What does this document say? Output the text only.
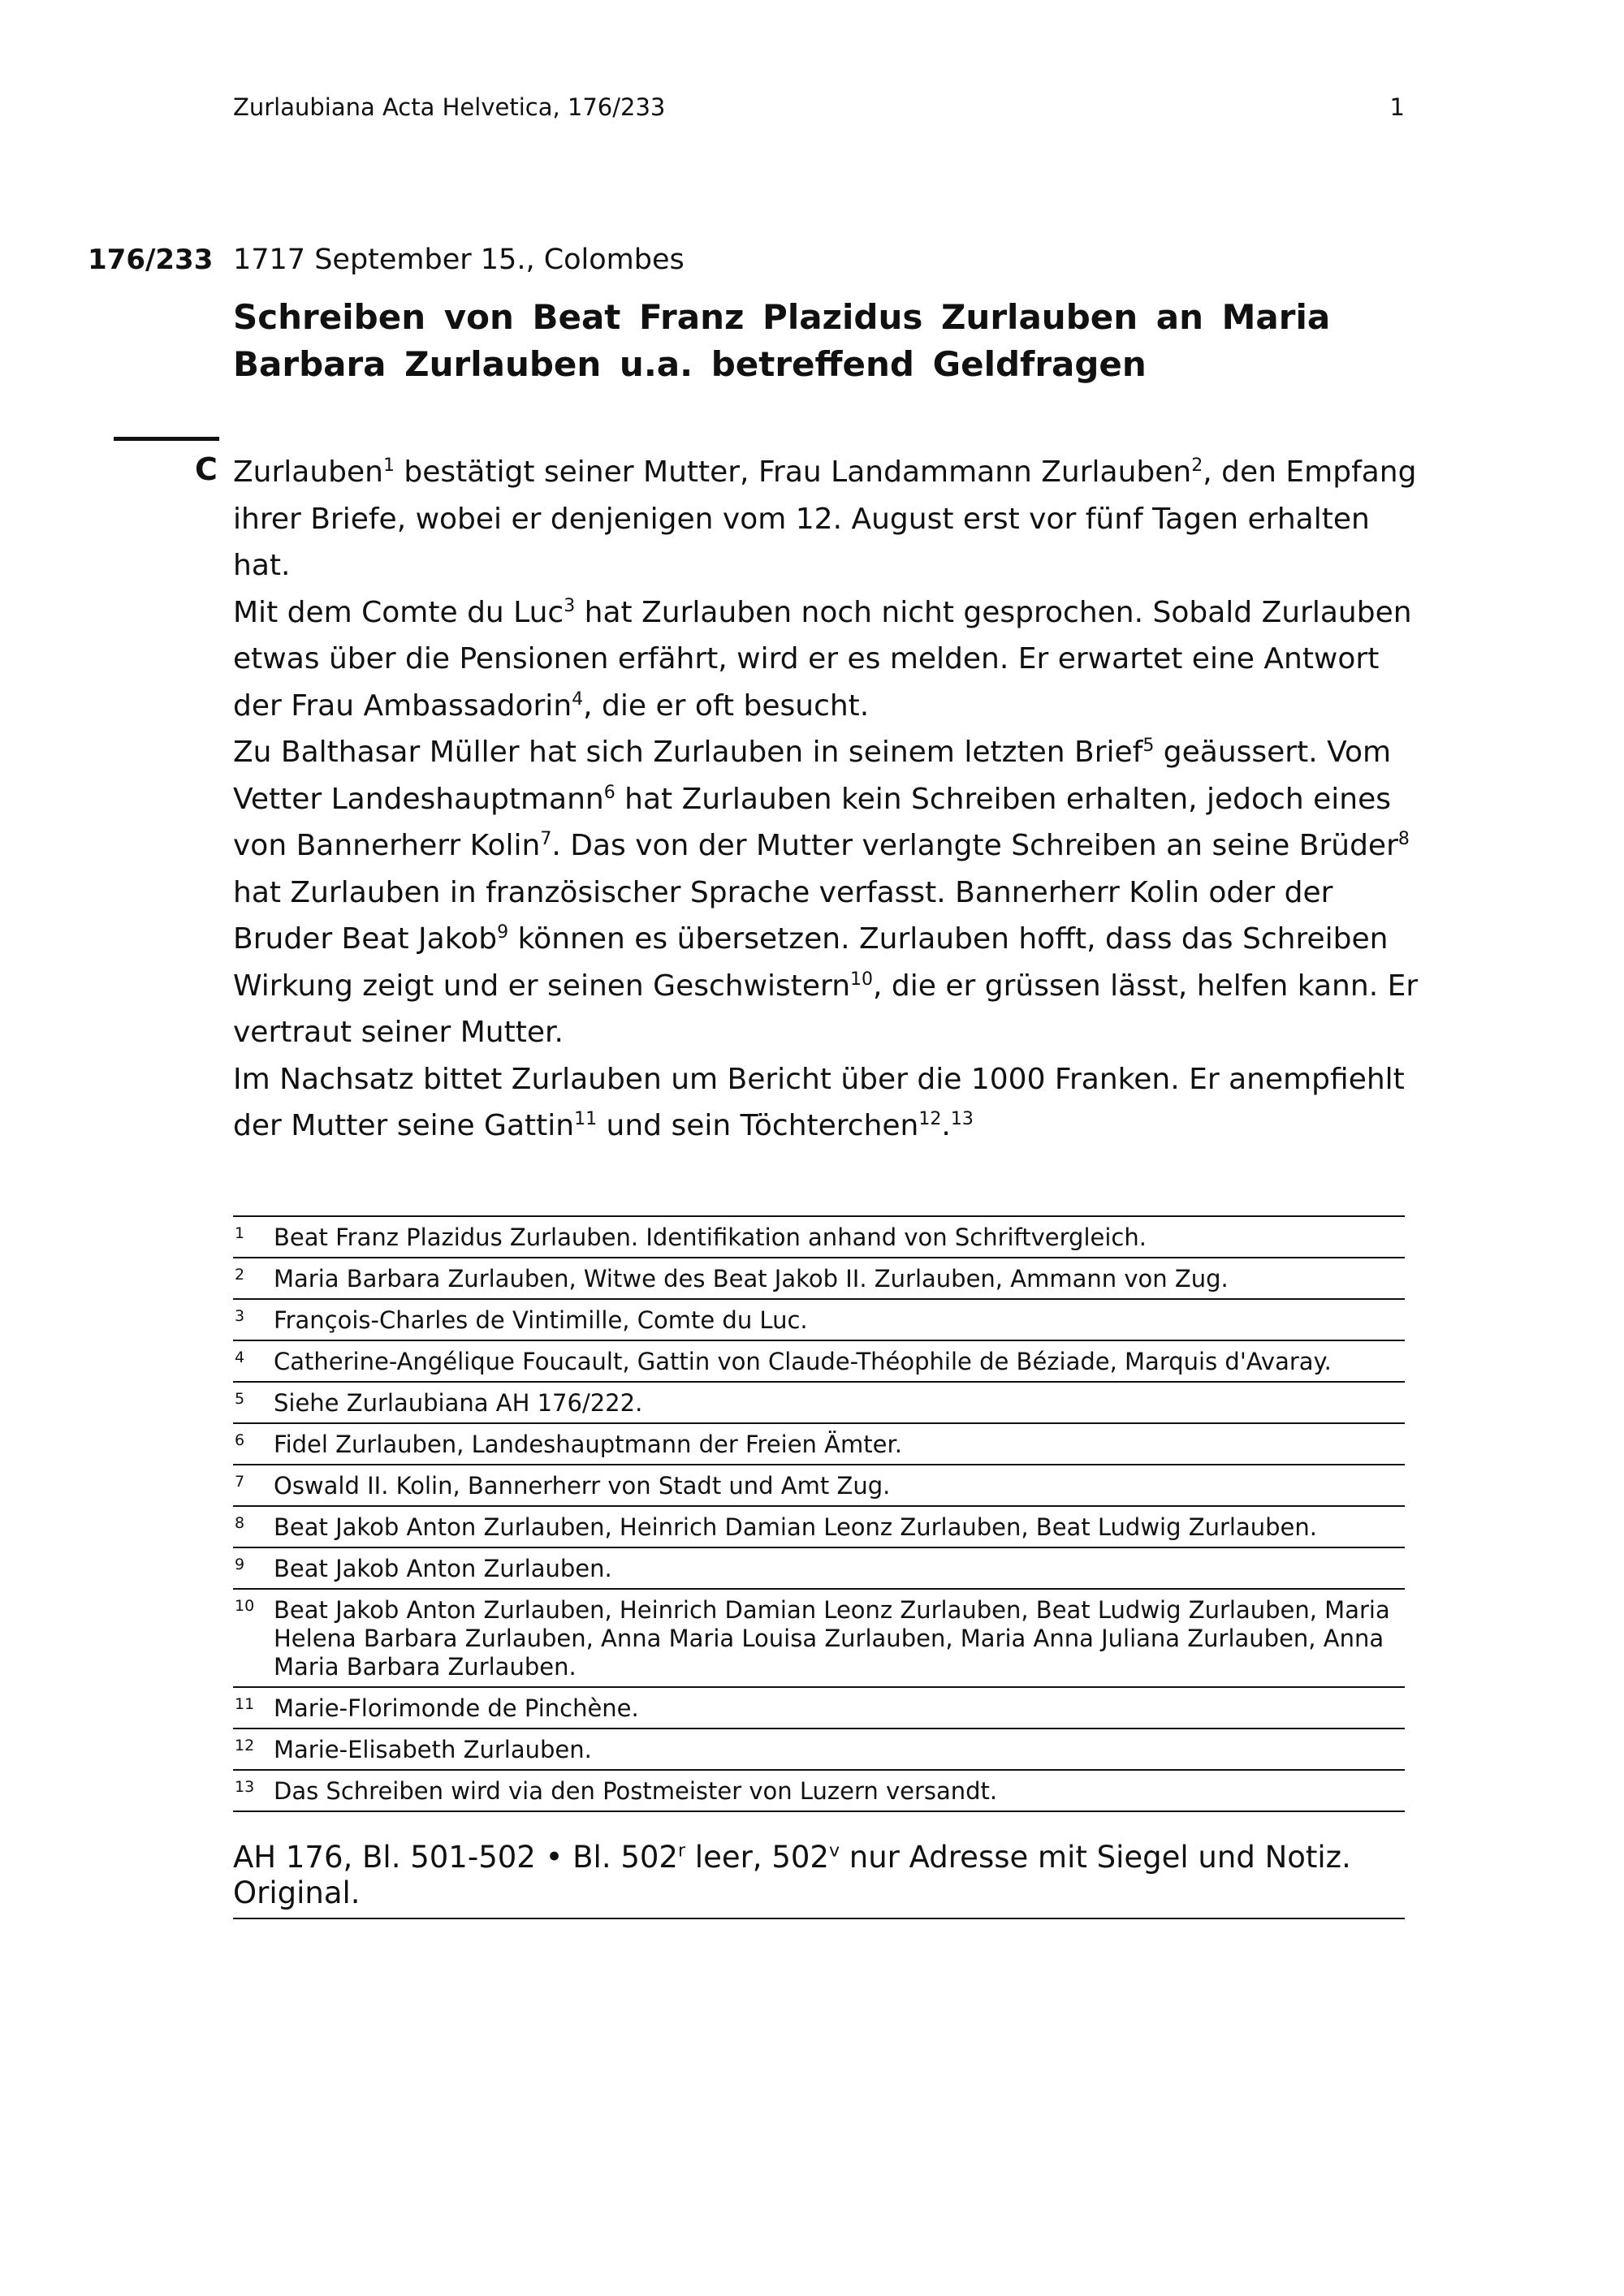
Zurlaubiana Acta Helvetica, 176/233	1
176/233 1717 September 15., Colombes
Schreiben von Beat Franz Plazidus Zurlauben an Maria Barbara Zurlauben u.a. betreffend Geldfragen
C Zurlauben$^1$ bestätigt seiner Mutter, Frau Landammann Zurlauben$^2$, den Empfang ihrer Briefe, wobei er denjenigen vom 12. August erst vor fünf Tagen erhalten hat.

Mit dem Comte du Luc$^3$ hat Zurlauben noch nicht gesprochen. Sobald Zurlauben etwas über die Pensionen erfährt, wird er es melden. Er erwartet eine Antwort der Frau Ambassadorin$^4$, die er oft besucht.

Zu Balthasar Müller hat sich Zurlauben in seinem letzten Brief$^5$ geäussert. Vom Vetter Landeshauptmann$^6$ hat Zurlauben kein Schreiben erhalten, jedoch eines von Bannerherr Kolin$^7$. Das von der Mutter verlangte Schreiben an seine Brüder$^8$ hat Zurlauben in französischer Sprache verfasst. Bannerherr Kolin oder der Bruder Beat Jakob$^9$ können es übersetzen. Zurlauben hofft, dass das Schreiben Wirkung zeigt und er seinen Geschwistern$^{10}$, die er grüssen lässt, helfen kann. Er vertraut seiner Mutter.

Im Nachsatz bittet Zurlauben um Bericht über die 1000 Franken. Er anempfiehlt der Mutter seine Gattin$^{11}$ und sein Töchterchen$^{12}$.$^{13}$

1 Beat Franz Plazidus Zurlauben. Identifikation anhand von Schriftvergleich.
2 Maria Barbara Zurlauben, Witwe des Beat Jakob II. Zurlauben, Ammann von Zug.
3 François-Charles de Vintimille, Comte du Luc.
4 Catherine-Angélique Foucault, Gattin von Claude-Théophile de Béziade, Marquis d'Avaray.
5 Siehe Zurlaubiana AH 176/222.
6 Fidel Zurlauben, Landeshauptmann der Freien Ämter.
7 Oswald II. Kolin, Bannerherr von Stadt und Amt Zug.
8 Beat Jakob Anton Zurlauben, Heinrich Damian Leonz Zurlauben, Beat Ludwig Zurlauben.
9 Beat Jakob Anton Zurlauben.
10 Beat Jakob Anton Zurlauben, Heinrich Damian Leonz Zurlauben, Beat Ludwig Zurlauben, Maria Helena Barbara Zurlauben, Anna Maria Louisa Zurlauben, Maria Anna Juliana Zurlauben, Anna Maria Barbara Zurlauben.
11 Marie-Florimonde de Pinchène.
12 Marie-Elisabeth Zurlauben.
13 Das Schreiben wird via den Postmeister von Luzern versandt.
AH 176, Bl. 501-502 • Bl. 502$^r$ leer, 502$^v$ nur Adresse mit Siegel und Notiz. Original.
